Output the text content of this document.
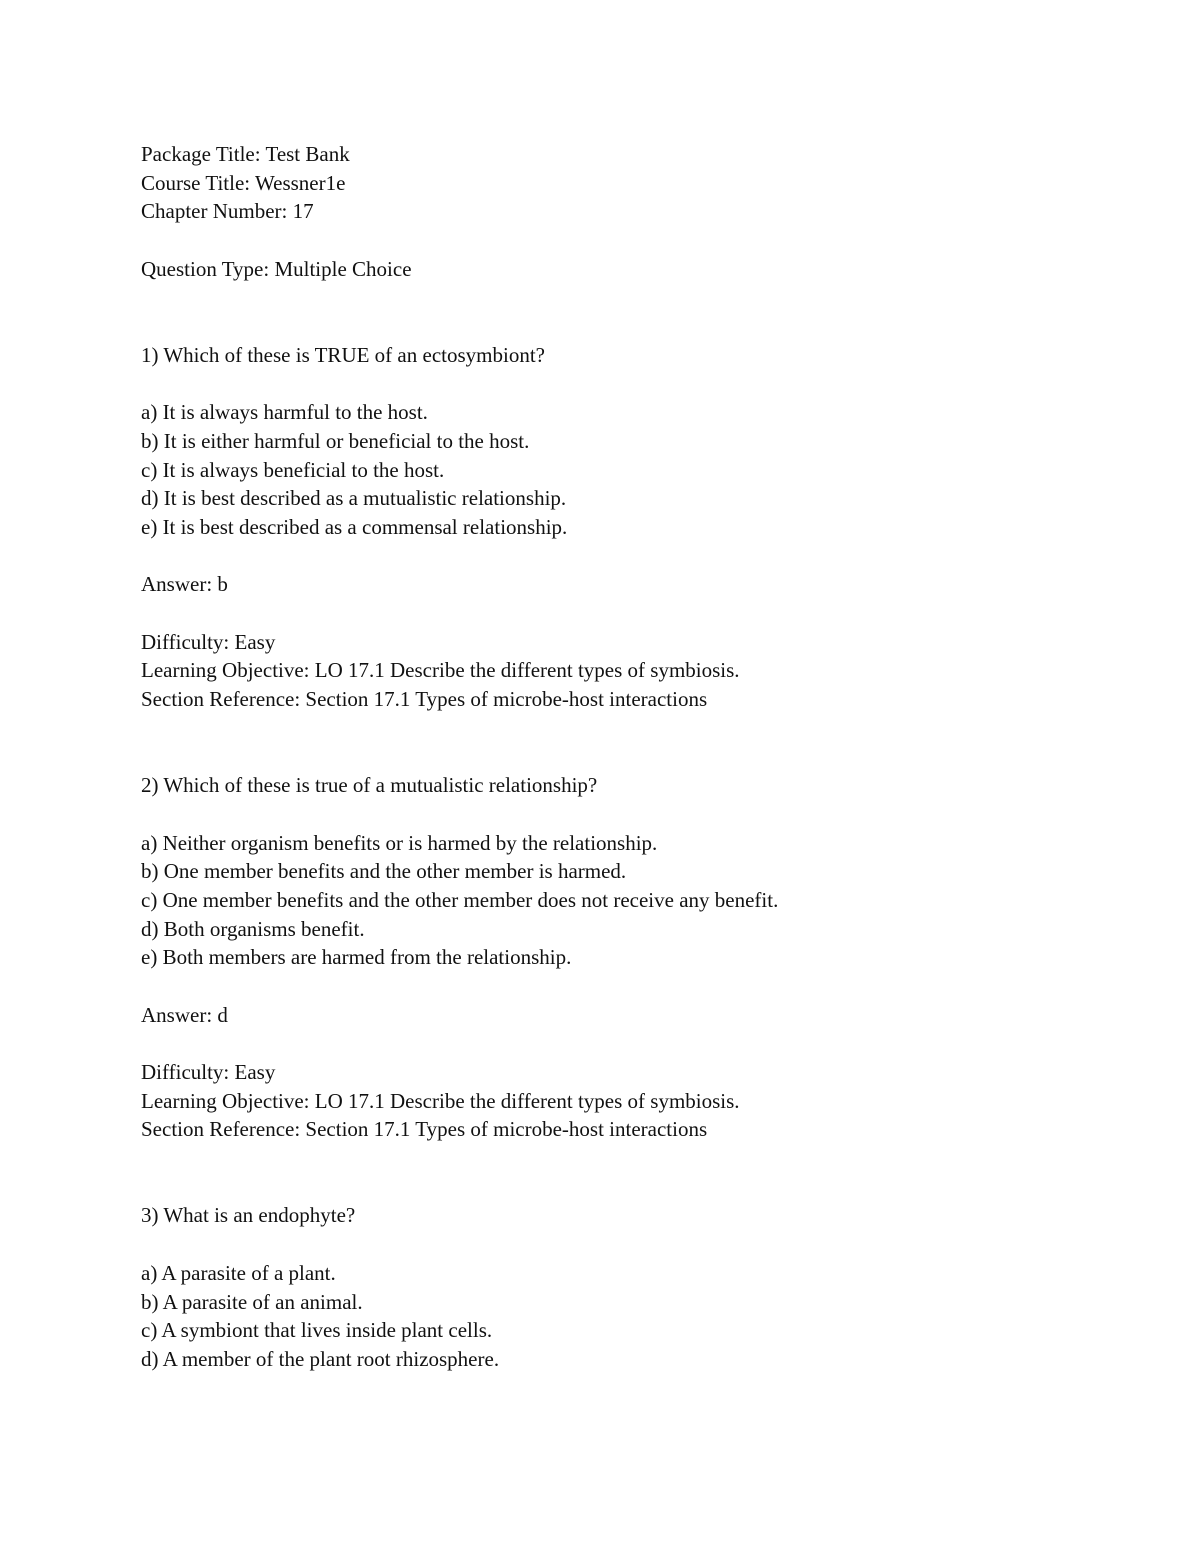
Package Title: Test Bank

Course Title: Wessner1e

Chapter Number: 17

Question Type: Multiple Choice

1) Which of these is TRUE of an ectosymbiont?

a) It is always harmful to the host.

b) It is either harmful or beneficial to the host.

c) It is always beneficial to the host.

d) It is best described as a mutualistic relationship.

e) It is best described as a commensal relationship.

Answer: b

Difficulty: Easy

Learning Objective: LO 17.1 Describe the different types of symbiosis.

Section Reference: Section 17.1 Types of microbe-host interactions

2) Which of these is true of a mutualistic relationship?

a) Neither organism benefits or is harmed by the relationship.

b) One member benefits and the other member is harmed.

c) One member benefits and the other member does not receive any benefit.

d) Both organisms benefit.

e) Both members are harmed from the relationship.

Answer: d

Difficulty: Easy

Learning Objective: LO 17.1 Describe the different types of symbiosis.

Section Reference: Section 17.1 Types of microbe-host interactions

3) What is an endophyte?

a) A parasite of a plant.

b) A parasite of an animal.

c) A symbiont that lives inside plant cells.

d) A member of the plant root rhizosphere.
